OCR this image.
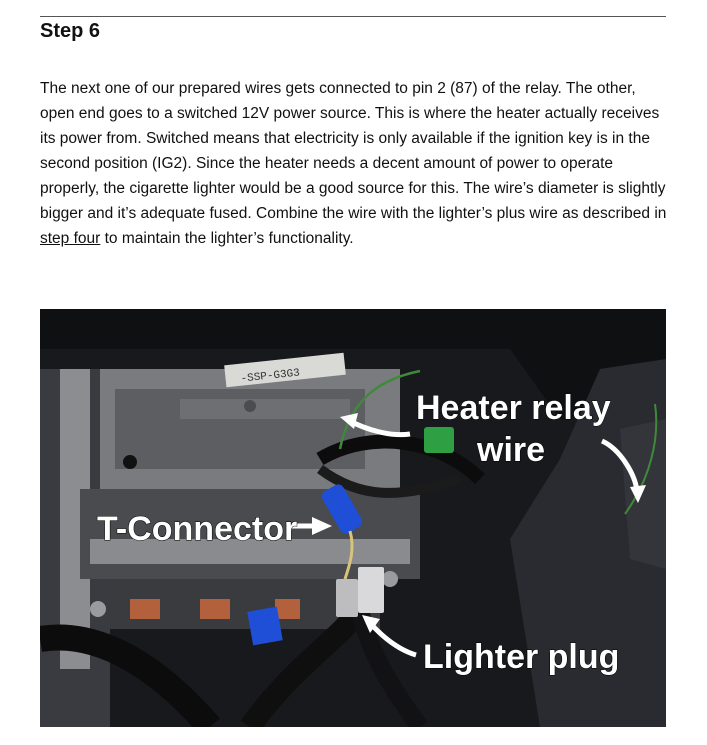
Step 6

The next one of our prepared wires gets connected to pin 2 (87) of the relay. The other, open end goes to a switched 12V power source. This is where the heater actually receives its power from. Switched means that electricity is only available if the ignition key is in the second position (IG2). Since the heater needs a decent amount of power to operate properly, the cigarette lighter would be a good source for this. The wire’s diameter is slightly bigger and it’s adequate fused. Combine the wire with the lighter’s plus wire as described in step four to maintain the lighter’s functionality.

-SSP-G3G3
Heater relay
wire
T-Connector
Lighter plug
